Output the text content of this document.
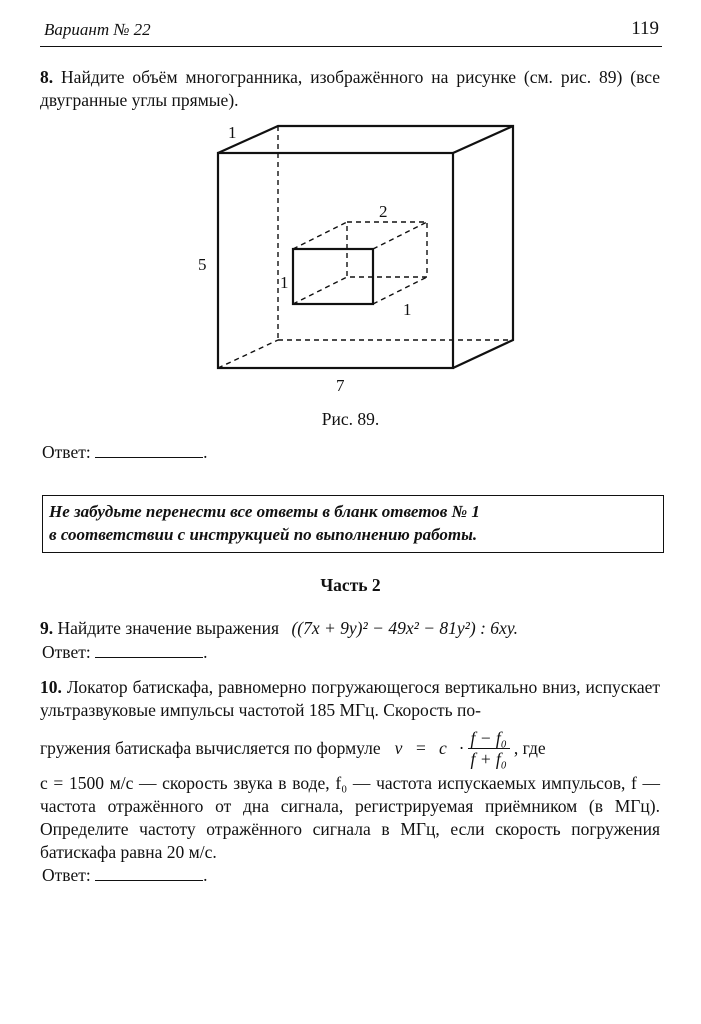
Вариант № 22	119
8. Найдите объём многогранника, изображённого на рисунке (см. рис. 89) (все двугранные углы прямые).
1
5
7
2
1
1
Рис. 89.
Ответ:	.
Не забудьте перенести все ответы в бланк ответов № 1
в соответствии с инструкцией по выполнению работы.
Часть 2
9. Найдите значение выражения ((7x + 9y)² − 49x² − 81y²) : 6xy.
Ответ:	.
10. Локатор батискафа, равномерно погружающегося вертикально вниз, испускает ультразвуковые импульсы частотой 185 МГц. Скорость по-
гружения батискафа вычисляется по формуле $v = c \cdot \frac{\text{f − f₀}}{\text{f + f₀}}$ , где
c = 1500 м/с — скорость звука в воде, f₀ — частота испускаемых импульсов, f — частота отражённого от дна сигнала, регистрируемая приёмником (в МГц). Определите частоту отражённого сигнала в МГц, если скорость погружения батискафа равна 20 м/с.
Ответ:	.
